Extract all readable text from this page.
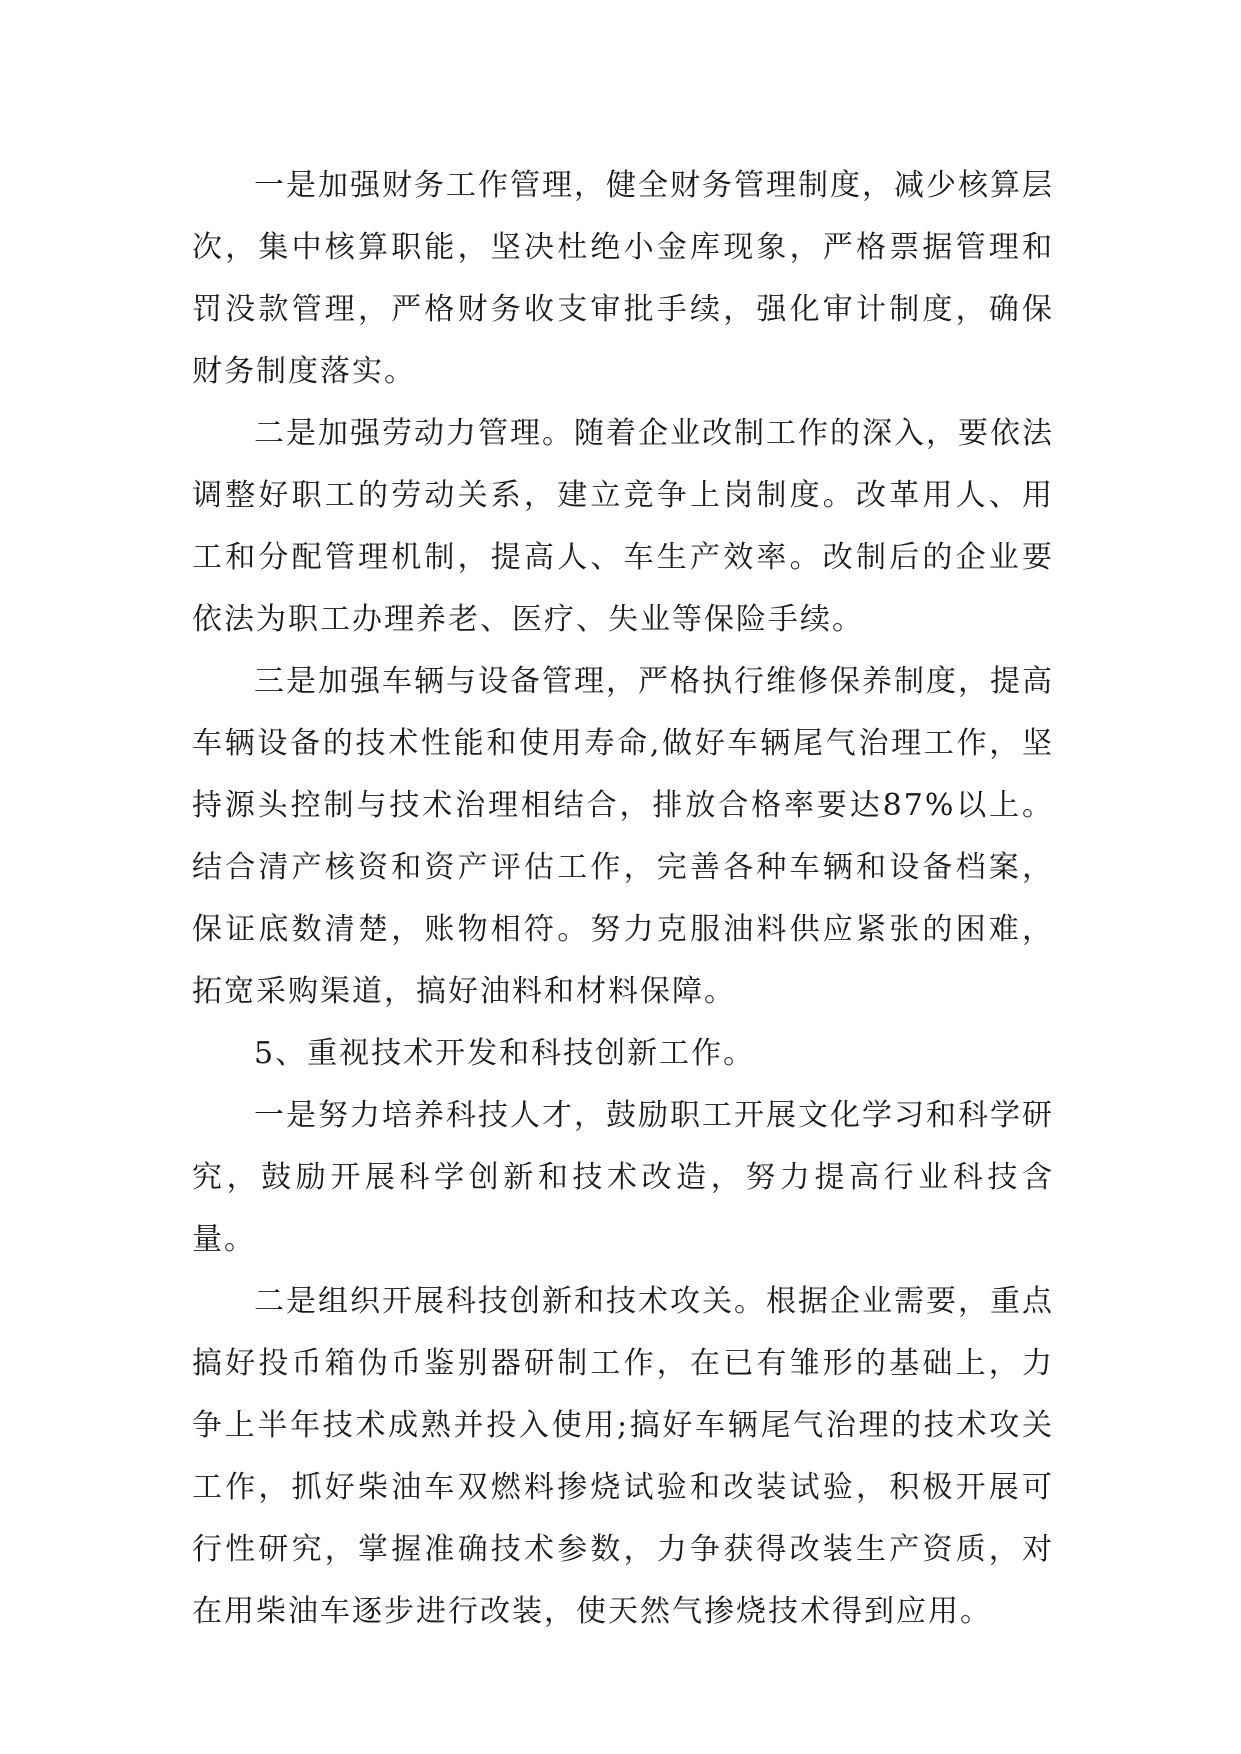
一是加强财务工作管理，健全财务管理制度，减少核算层次，集中核算职能，坚决杜绝小金库现象，严格票据管理和罚没款管理，严格财务收支审批手续，强化审计制度，确保财务制度落实。

二是加强劳动力管理。随着企业改制工作的深入，要依法调整好职工的劳动关系，建立竞争上岗制度。改革用人、用工和分配管理机制，提高人、车生产效率。改制后的企业要依法为职工办理养老、医疗、失业等保险手续。

三是加强车辆与设备管理，严格执行维修保养制度，提高车辆设备的技术性能和使用寿命,做好车辆尾气治理工作，坚持源头控制与技术治理相结合，排放合格率要达87%以上。结合清产核资和资产评估工作，完善各种车辆和设备档案，保证底数清楚，账物相符。努力克服油料供应紧张的困难，拓宽采购渠道，搞好油料和材料保障。

5、重视技术开发和科技创新工作。

一是努力培养科技人才，鼓励职工开展文化学习和科学研究，鼓励开展科学创新和技术改造，努力提高行业科技含量。

二是组织开展科技创新和技术攻关。根据企业需要，重点搞好投币箱伪币鉴别器研制工作，在已有雏形的基础上，力争上半年技术成熟并投入使用;搞好车辆尾气治理的技术攻关工作，抓好柴油车双燃料掺烧试验和改装试验，积极开展可行性研究，掌握准确技术参数，力争获得改装生产资质，对在用柴油车逐步进行改装，使天然气掺烧技术得到应用。
